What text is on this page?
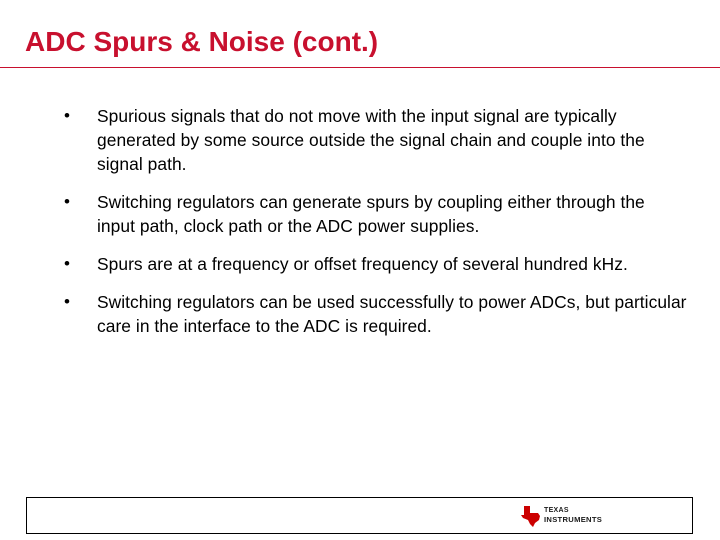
ADC Spurs & Noise (cont.)
• Spurious signals that do not move with the input signal are typically generated by some source outside the signal chain and couple into the signal path.
• Switching regulators can generate spurs by coupling either through the input path, clock path or the ADC power supplies.
• Spurs are at a frequency or offset frequency of several hundred kHz.
• Switching regulators can be used successfully to power ADCs, but particular care in the interface to the ADC is required.
TEXAS
INSTRUMENTS
